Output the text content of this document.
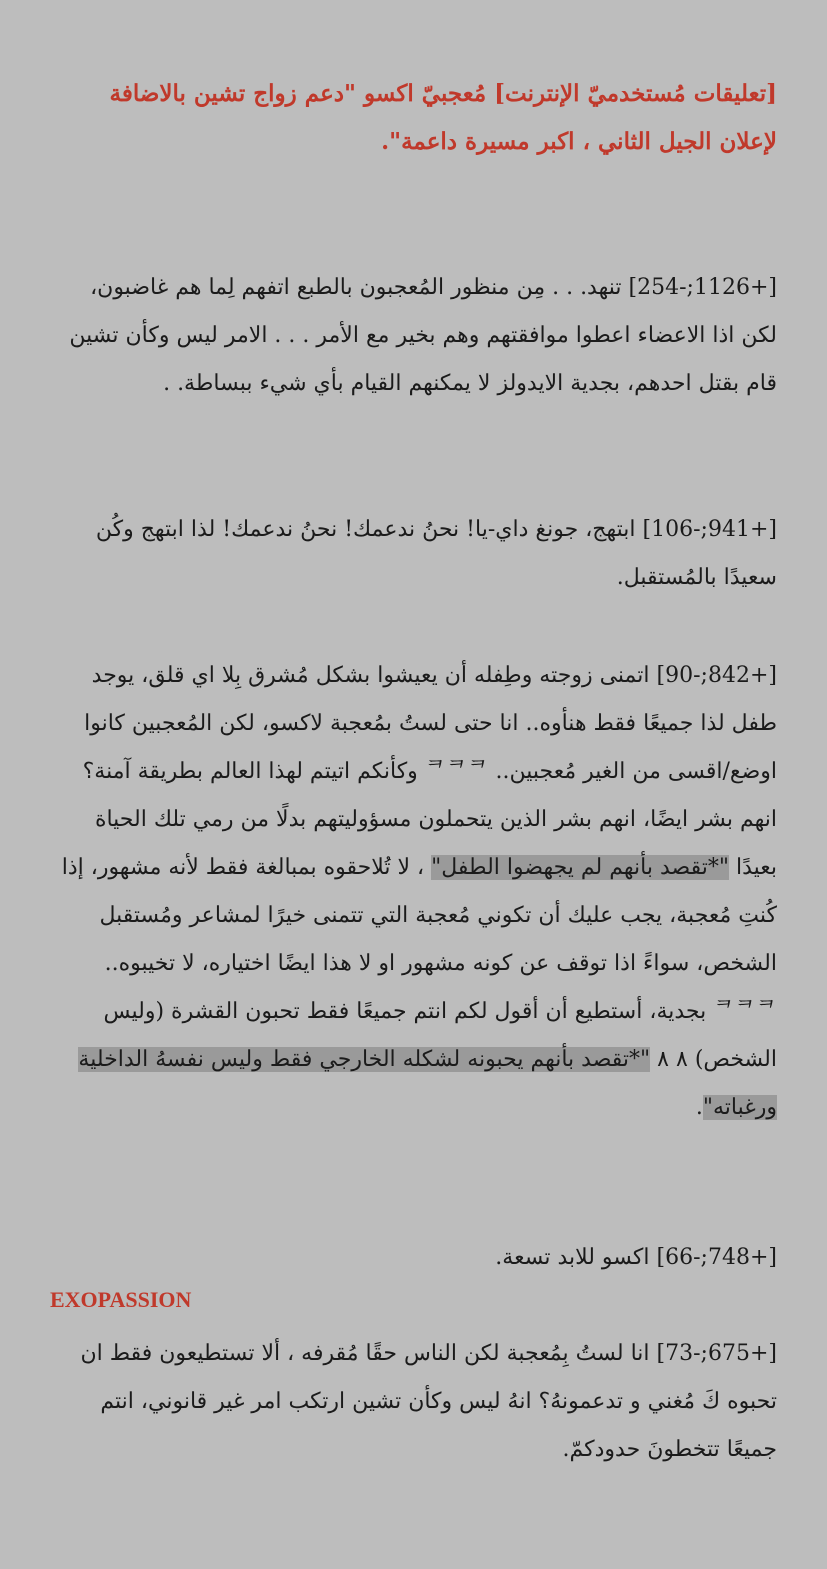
[تعليقات مُستخدميّ الإنترنت] مُعجبيّ اكسو "دعم زواج تشين بالاضافة لإعلان الجيل الثاني ، اكبر مسيرة داعمة".
[+1126;-254] تنهد. . . مِن منظور المُعجبون بالطبع اتفهم لِما هم غاضبون، لكن اذا الاعضاء اعطوا موافقتهم وهم بخير مع الأمر . . . الامر ليس وكأن تشين قام بقتل احدهم، بجدية الايدولز لا يمكنهم القيام بأي شيء ببساطة. .
[+941;-106] ابتهج، جونغ داي-يا! نحنُ ندعمك! نحنُ ندعمك! لذا ابتهج وكُن سعيدًا بالمُستقبل.
[+842;-90] اتمنى زوجته وطِفله أن يعيشوا بشكل مُشرق بِلا اي قلق، يوجد طفل لذا جميعًا فقط هنأوه.. انا حتى لستُ بمُعجبة لاكسو، لكن المُعجبين كانوا اوضع/اقسى من الغير مُعجبين.. ᄏᄏᄏ وكأنكم اتيتم لهذا العالم بطريقة آمنة؟ انهم بشر ايضًا، انهم بشر الذين يتحملون مسؤوليتهم بدلًا من رمي تلك الحياة بعيدًا "*تقصد بأنهم لم يجهضوا الطفل" ، لا تُلاحقوه بمبالغة فقط لأنه مشهور، إذا كُنتِ مُعجبة، يجب عليك أن تكوني مُعجبة التي تتمنى خيرًا لمشاعر ومُستقبل الشخص، سواءً اذا توقف عن كونه مشهور او لا هذا ايضًا اختياره، لا تخيبوه.. ᄏᄏᄏ بجدية، أستطيع أن أقول لكم انتم جميعًا فقط تحبون القشرة (وليس الشخص) ٨ ٨ "*تقصد بأنهم يحبونه لشكله الخارجي فقط وليس نفسهُ الداخلية ورغباته".
[+748;-66] اكسو للابد تسعة.
EXOPASSION
[+675;-73] انا لستُ بِمُعجبة لكن الناس حقًا مُقرفه ، ألا تستطيعون فقط ان تحبوه كَ مُغني و تدعمونهُ؟ انهُ ليس وكأن تشين ارتكب امر غير قانوني، انتم جميعًا تتخطونَ حدودكمّ.
